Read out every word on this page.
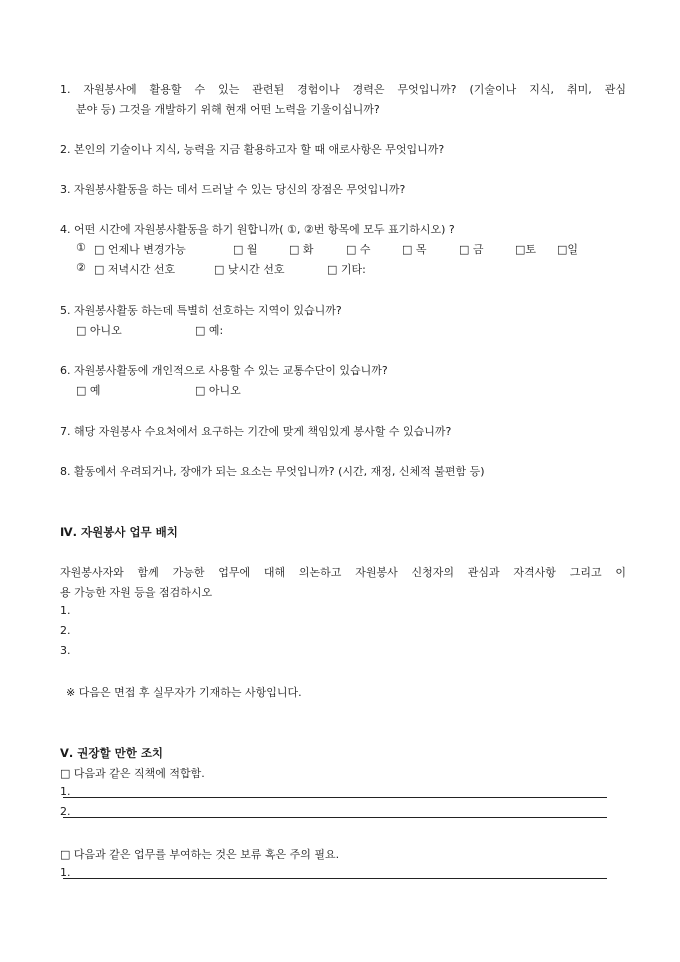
1. 자원봉사에 활용할 수 있는 관련된 경험이나 경력은 무엇입니까? (기술이나 지식, 취미, 관심
분야 등) 그것을 개발하기 위해 현재 어떤 노력을 기울이십니까?
2. 본인의 기술이나 지식, 능력을 지금 활용하고자 할 때 애로사항은 무엇입니까?
3. 자원봉사활동을 하는 데서 드러날 수 있는 당신의 장점은 무엇입니까?
4. 어떤 시간에 자원봉사활동을 하기 원합니까( ①, ②번 항목에 모두 표기하시오) ?
① □ 언제나 변경가능	□ 월	□ 화	□ 수	□ 목	□ 금	□토 □일
② □ 저녁시간 선호	□ 낮시간 선호	□ 기타:
5. 자원봉사활동 하는데 특별히 선호하는 지역이 있습니까?
□ 아니오	□ 예:
6. 자원봉사활동에 개인적으로 사용할 수 있는 교통수단이 있습니까?
□ 예	□ 아니오
7. 해당 자원봉사 수요처에서 요구하는 기간에 맞게 책임있게 봉사할 수 있습니까?
8. 활동에서 우려되거나, 장애가 되는 요소는 무엇입니까? (시간, 재정, 신체적 불편함 등)
Ⅳ. 자원봉사 업무 배치
자원봉사자와 함께 가능한 업무에 대해 의논하고 자원봉사 신청자의 관심과 자격사항 그리고 이
용 가능한 자원 등을 점검하시오
1.
2.
3.
※ 다음은 면접 후 실무자가 기재하는 사항입니다.
Ⅴ. 권장할 만한 조치
□ 다음과 같은 직책에 적합함.
1.
2.
□ 다음과 같은 업무를 부여하는 것은 보류 혹은 주의 필요.
1.
